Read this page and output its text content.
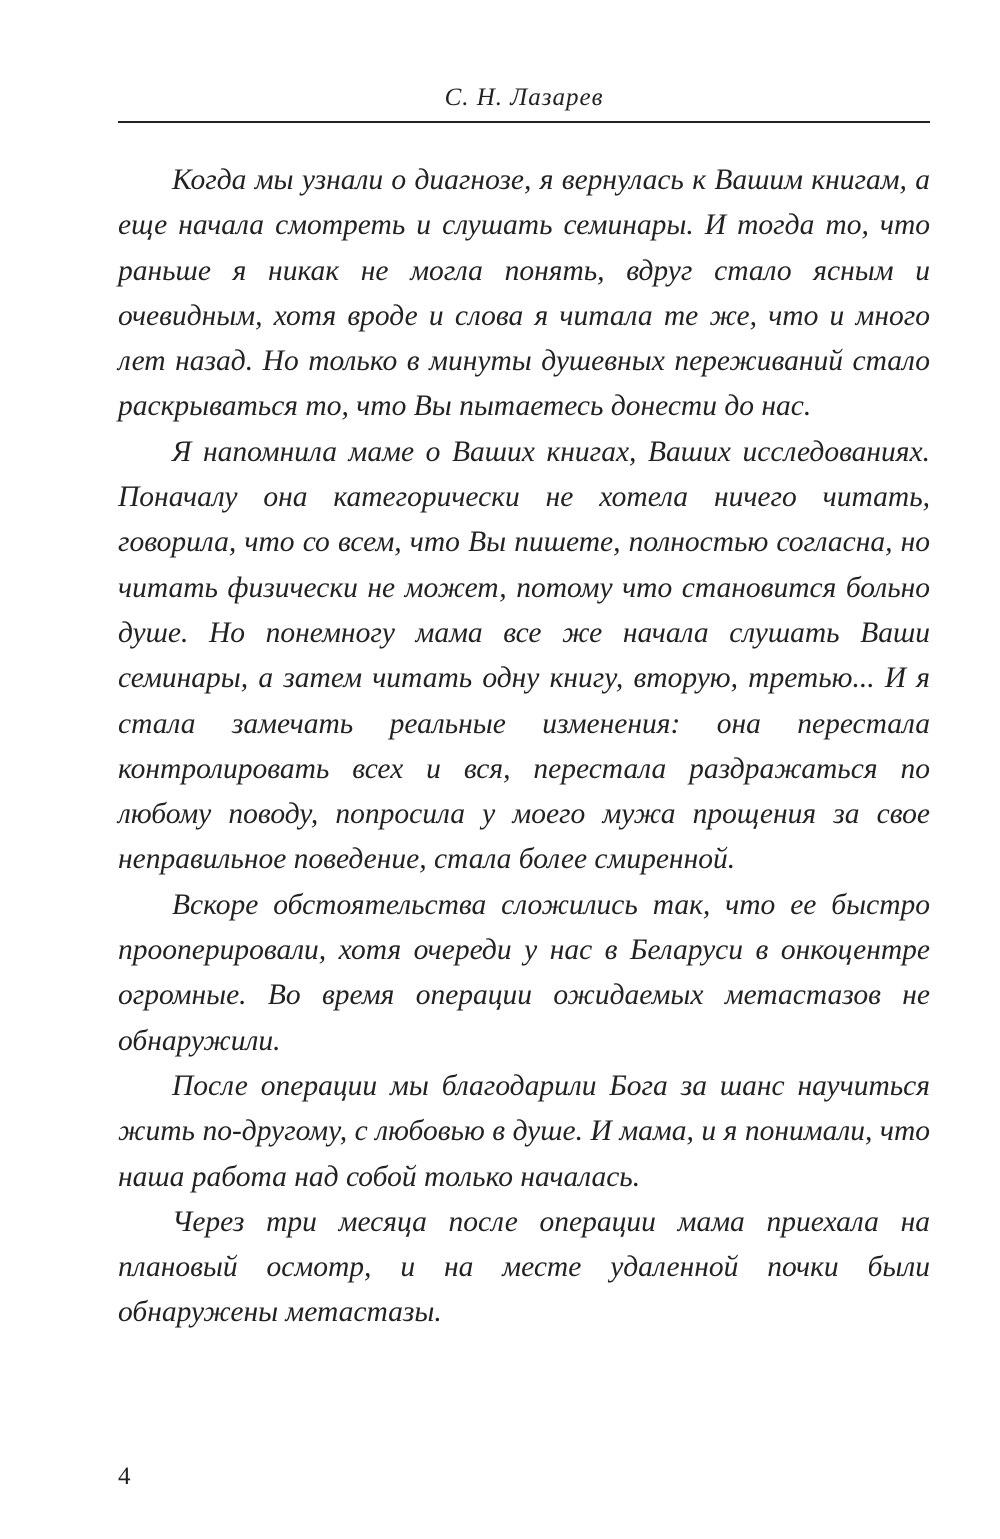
С. Н. Лазарев

Когда мы узнали о диагнозе, я вернулась к Вашим книгам, а еще начала смотреть и слушать семинары. И тогда то, что раньше я никак не могла понять, вдруг стало ясным и очевидным, хотя вроде и слова я читала те же, что и много лет назад. Но только в минуты душевных переживаний стало раскрываться то, что Вы пытаетесь донести до нас.

Я напомнила маме о Ваших книгах, Ваших исследованиях. Поначалу она категорически не хотела ничего читать, говорила, что со всем, что Вы пишете, полностью согласна, но читать физически не может, потому что становится больно душе. Но понемногу мама все же начала слушать Ваши семинары, а затем читать одну книгу, вторую, третью... И я стала замечать реальные изменения: она перестала контролировать всех и вся, перестала раздражаться по любому поводу, попросила у моего мужа прощения за свое неправильное поведение, стала более смиренной.

Вскоре обстоятельства сложились так, что ее быстро прооперировали, хотя очереди у нас в Беларуси в онкоцентре огромные. Во время операции ожидаемых метастазов не обнаружили.

После операции мы благодарили Бога за шанс научиться жить по-другому, с любовью в душе. И мама, и я понимали, что наша работа над собой только началась.

Через три месяца после операции мама приехала на плановый осмотр, и на месте удаленной почки были обнаружены метастазы.

4
